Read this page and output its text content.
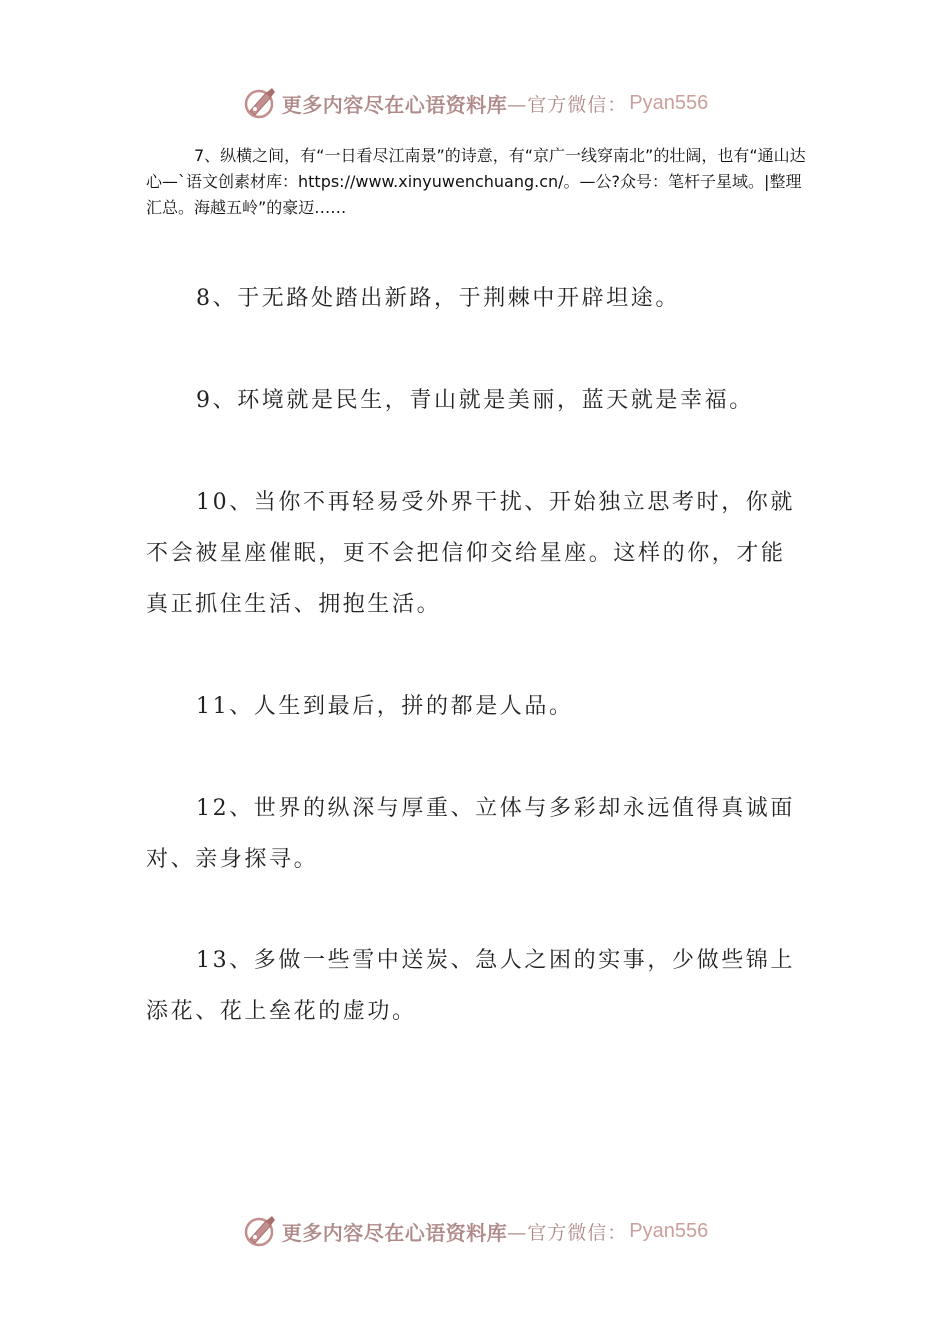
更多内容尽在心语资料库 —官方微信： Pyan556

7、纵横之间，有“一日看尽江南景”的诗意，有“京广一线穿南北”的壮阔，也有“通山达心—`语文创素材库：https://www.xinyuwenchuang.cn/。—公?众号：笔杆子星域。|整理汇总。海越五岭”的豪迈……

8、于无路处踏出新路，于荆棘中开辟坦途。

9、环境就是民生，青山就是美丽，蓝天就是幸福。

10、当你不再轻易受外界干扰、开始独立思考时，你就不会被星座催眠，更不会把信仰交给星座。这样的你，才能真正抓住生活、拥抱生活。

11、人生到最后，拼的都是人品。

12、世界的纵深与厚重、立体与多彩却永远值得真诚面对、亲身探寻。

13、多做一些雪中送炭、急人之困的实事，少做些锦上添花、花上垒花的虚功。

更多内容尽在心语资料库 —官方微信： Pyan556
